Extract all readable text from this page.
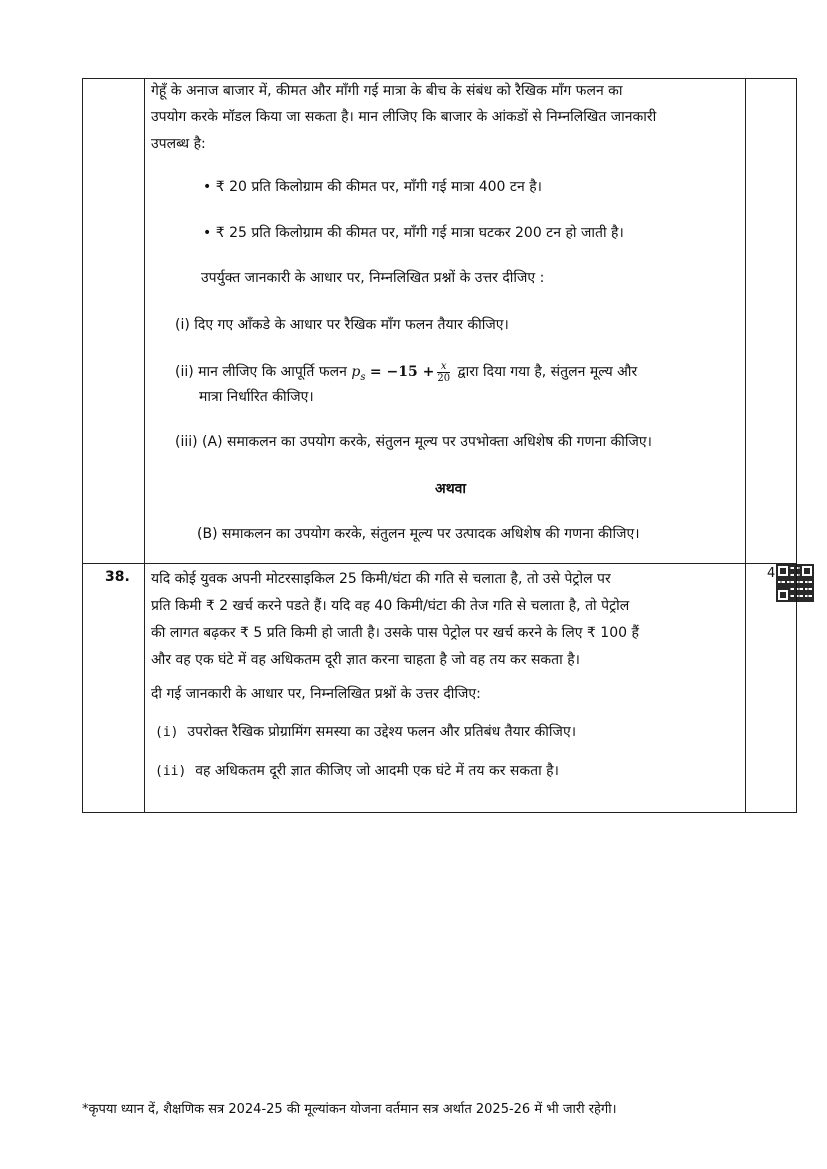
गेहूँ के अनाज बाजार में, कीमत और माँगी गई मात्रा के बीच के संबंध को रैखिक माँग फलन का
उपयोग करके मॉडल किया जा सकता है। मान लीजिए कि बाजार के आंकडों से निम्नलिखित जानकारी
उपलब्ध है:
• ₹ 20 प्रति किलोग्राम की कीमत पर, माँगी गई मात्रा 400 टन है।
• ₹ 25 प्रति किलोग्राम की कीमत पर, माँगी गई मात्रा घटकर 200 टन हो जाती है।
उपर्युक्त जानकारी के आधार पर, निम्नलिखित प्रश्नों के उत्तर दीजिए :
(i) दिए गए आँकडे के आधार पर रैखिक माँग फलन तैयार कीजिए।
(ii) मान लीजिए कि आपूर्ति फलन $p_s = -15 + \frac{x}{20}$ द्वारा दिया गया है, संतुलन मूल्य और
मात्रा निर्धारित कीजिए।
(iii) (A) समाकलन का उपयोग करके, संतुलन मूल्य पर उपभोक्ता अधिशेष की गणना कीजिए।
अथवा
(B) समाकलन का उपयोग करके, संतुलन मूल्य पर उत्पादक अधिशेष की गणना कीजिए।
38. यदि कोई युवक अपनी मोटरसाइकिल 25 किमी/घंटा की गति से चलाता है, तो उसे पेट्रोल पर
प्रति किमी ₹ 2 खर्च करने पडते हैं। यदि वह 40 किमी/घंटा की तेज गति से चलाता है, तो पेट्रोल
की लागत बढ़कर ₹ 5 प्रति किमी हो जाती है। उसके पास पेट्रोल पर खर्च करने के लिए ₹ 100 हैं
और वह एक घंटे में वह अधिकतम दूरी ज्ञात करना चाहता है जो वह तय कर सकता है।
दी गई जानकारी के आधार पर, निम्नलिखित प्रश्नों के उत्तर दीजिए:
(i) उपरोक्त रैखिक प्रोग्रामिंग समस्या का उद्देश्य फलन और प्रतिबंध तैयार कीजिए।
(ii) वह अधिकतम दूरी ज्ञात कीजिए जो आदमी एक घंटे में तय कर सकता है।
4
*कृपया ध्यान दें, शैक्षणिक सत्र 2024-25 की मूल्यांकन योजना वर्तमान सत्र अर्थात 2025-26 में भी जारी रहेगी।
